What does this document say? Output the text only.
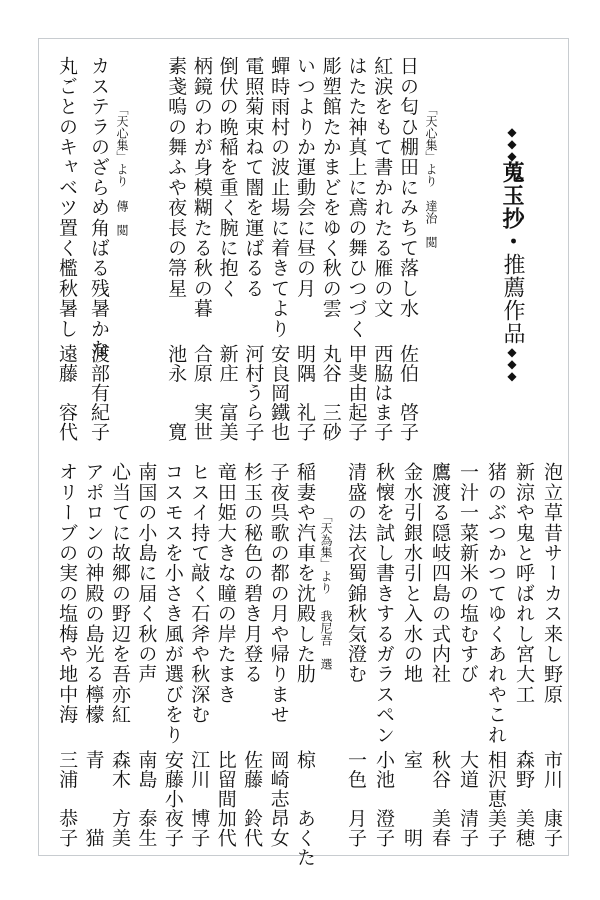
◆◆◆蒐玉抄・推薦作品◆◆◆
「天心集」より
達治　閲
日の匂ひ棚田にみちて落し水
佐伯　啓子
紅涙をもて書かれたる雁の文
西脇はま子
はたた神真上に鳶の舞ひつづく
甲斐由起子
彫塑館たかまどをゆく秋の雲
丸谷　三砂
いつよりか運動会に昼の月
明隅　礼子
蟬時雨村の波止場に着きてより
安良岡鐵也
電照菊束ねて闇を運ばるる
河村うら子
倒伏の晩稲を重く腕に抱く
新庄　富美
柄鏡のわが身模糊たる秋の暮
合原　実世
素戔嗚の舞ふや夜長の箒星
池永　　寛
「天心集」より
傳　閲
カステラのざらめ角ばる残暑かな
渡部有紀子
丸ごとのキャベツ置く檻秋暑し
遠藤　容代
泡立草昔サーカス来し野原
市川　康子
新涼や鬼と呼ばれし宮大工
森野　美穂
猪のぶつかつてゆくあれやこれ
相沢恵美子
一汁一菜新米の塩むすび
大道　清子
鷹渡る隠岐四島の式内社
秋谷　美春
金水引銀水引と入水の地
室　　　明
秋懐を試し書きするガラスペン
小池　澄子
清盛の法衣蜀錦秋気澄む
一色　月子
「天為集」より
我尼吾　選
稲妻や汽車を沈殿した肋
椋　　あくた
子夜呉歌の都の月や帰りませ
岡崎志昂女
杉玉の秘色の碧き月登る
佐藤　鈴代
竜田姫大きな瞳の岸たまき
比留間加代
ヒスイ持て敲く石斧や秋深む
江川　博子
コスモスを小さき風が選びをり
安藤小夜子
南国の小島に届く秋の声
南島　泰生
心当てに故郷の野辺を吾亦紅
森木　方美
アポロンの神殿の島光る檸檬
青　　　猫
オリーブの実の塩梅や地中海
三浦　恭子
